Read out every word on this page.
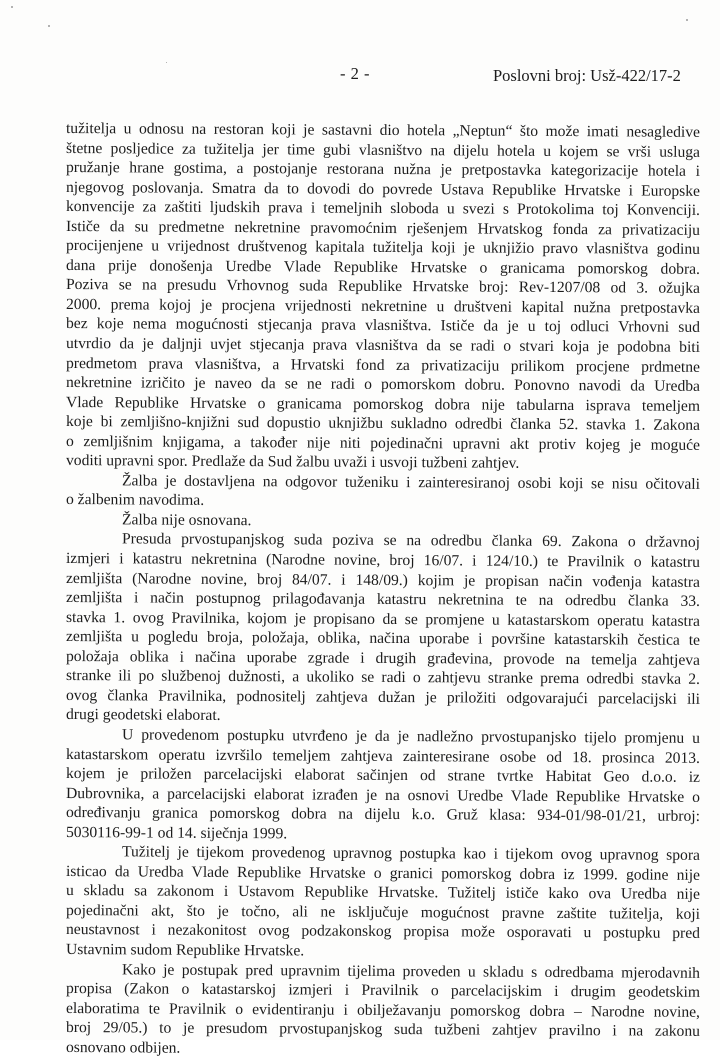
- 2 -	Poslovni broj: Usž-422/17-2
tužitelja u odnosu na restoran koji je sastavni dio hotela „Neptun“ što može imati nesagledive
štetne posljedice za tužitelja jer time gubi vlasništvo na dijelu hotela u kojem se vrši usluga
pružanje hrane gostima, a postojanje restorana nužna je pretpostavka kategorizacije hotela i
njegovog poslovanja. Smatra da to dovodi do povrede Ustava Republike Hrvatske i Europske
konvencije za zaštiti ljudskih prava i temeljnih sloboda u svezi s Protokolima toj Konvenciji.
Ističe da su predmetne nekretnine pravomoćnim rješenjem Hrvatskog fonda za privatizaciju
procijenjene u vrijednost društvenog kapitala tužitelja koji je uknjižio pravo vlasništva godinu
dana prije donošenja Uredbe Vlade Republike Hrvatske o granicama pomorskog dobra.
Poziva se na presudu Vrhovnog suda Republike Hrvatske broj: Rev-1207/08 od 3. ožujka
2000. prema kojoj je procjena vrijednosti nekretnine u društveni kapital nužna pretpostavka
bez koje nema mogućnosti stjecanja prava vlasništva. Ističe da je u toj odluci Vrhovni sud
utvrdio da je daljnji uvjet stjecanja prava vlasništva da se radi o stvari koja je podobna biti
predmetom prava vlasništva, a Hrvatski fond za privatizaciju prilikom procjene prdmetne
nekretnine izričito je naveo da se ne radi o pomorskom dobru. Ponovno navodi da Uredba
Vlade Republike Hrvatske o granicama pomorskog dobra nije tabularna isprava temeljem
koje bi zemljišno-knjižni sud dopustio uknjižbu sukladno odredbi članka 52. stavka 1. Zakona
o zemljišnim knjigama, a također nije niti pojedinačni upravni akt protiv kojeg je moguće
voditi upravni spor. Predlaže da Sud žalbu uvaži i usvoji tužbeni zahtjev.
Žalba je dostavljena na odgovor tuženiku i zainteresiranoj osobi koji se nisu očitovali
o žalbenim navodima.
Žalba nije osnovana.
Presuda prvostupanjskog suda poziva se na odredbu članka 69. Zakona o državnoj
izmjeri i katastru nekretnina (Narodne novine, broj 16/07. i 124/10.) te Pravilnik o katastru
zemljišta (Narodne novine, broj 84/07. i 148/09.) kojim je propisan način vođenja katastra
zemljišta i način postupnog prilagođavanja katastru nekretnina te na odredbu članka 33.
stavka 1. ovog Pravilnika, kojom je propisano da se promjene u katastarskom operatu katastra
zemljišta u pogledu broja, položaja, oblika, načina uporabe i površine katastarskih čestica te
položaja oblika i načina uporabe zgrade i drugih građevina, provode na temelja zahtjeva
stranke ili po službenoj dužnosti, a ukoliko se radi o zahtjevu stranke prema odredbi stavka 2.
ovog članka Pravilnika, podnositelj zahtjeva dužan je priložiti odgovarajući parcelacijski ili
drugi geodetski elaborat.
U provedenom postupku utvrđeno je da je nadležno prvostupanjsko tijelo promjenu u
katastarskom operatu izvršilo temeljem zahtjeva zainteresirane osobe od 18. prosinca 2013.
kojem je priložen parcelacijski elaborat sačinjen od strane tvrtke Habitat Geo d.o.o. iz
Dubrovnika, a parcelacijski elaborat izrađen je na osnovi Uredbe Vlade Republike Hrvatske o
određivanju granica pomorskog dobra na dijelu k.o. Gruž klasa: 934-01/98-01/21, urbroj:
5030116-99-1 od 14. siječnja 1999.
Tužitelj je tijekom provedenog upravnog postupka kao i tijekom ovog upravnog spora
isticao da Uredba Vlade Republike Hrvatske o granici pomorskog dobra iz 1999. godine nije
u skladu sa zakonom i Ustavom Republike Hrvatske. Tužitelj ističe kako ova Uredba nije
pojedinačni akt, što je točno, ali ne isključuje mogućnost pravne zaštite tužitelja, koji
neustavnost i nezakonitost ovog podzakonskog propisa može osporavati u postupku pred
Ustavnim sudom Republike Hrvatske.
Kako je postupak pred upravnim tijelima proveden u skladu s odredbama mjerodavnih
propisa (Zakon o katastarskoj izmjeri i Pravilnik o parcelacijskim i drugim geodetskim
elaboratima te Pravilnik o evidentiranju i obilježavanju pomorskog dobra – Narodne novine,
broj 29/05.) to je presudom prvostupanjskog suda tužbeni zahtjev pravilno i na zakonu
osnovano odbijen.
